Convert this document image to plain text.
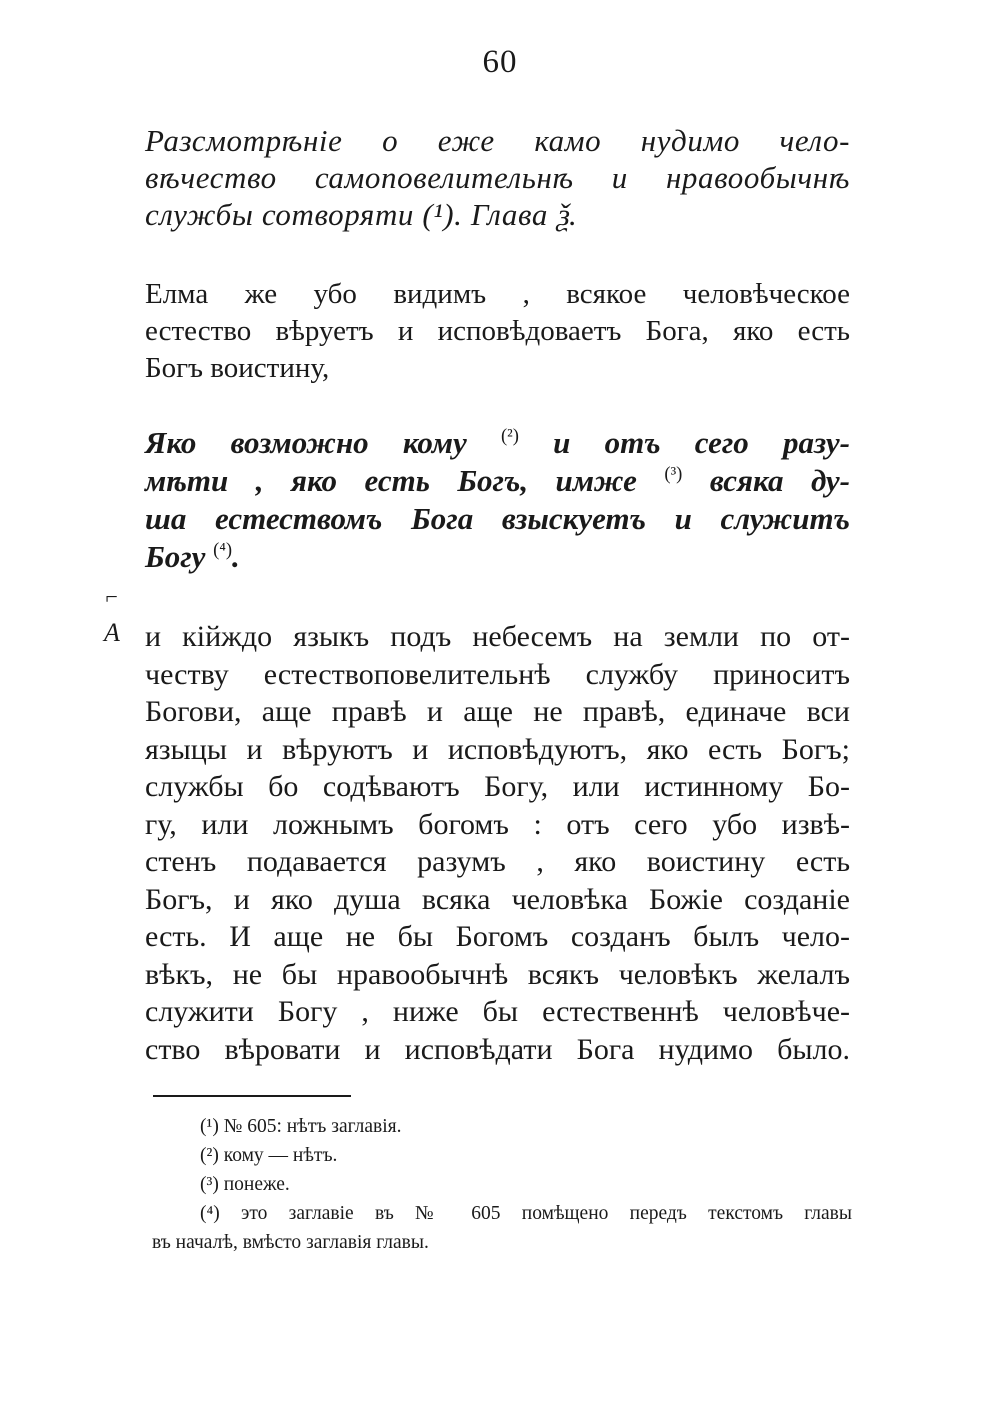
60
Разсмотрѣніе о еже камо нудимо чело-
вѣчество самоповелительнѣ и нравообычнѣ
службы сотворяти (¹). Глава ѯ.
Елма же убо видимъ , всякое человѣческое
естество вѣруетъ и исповѣдоваетъ Бога, яко есть
Богъ воистину,
Яко возможно кому $^{(^2)}$ и отъ сего разу-
мѣти , яко есть Богъ, имже $^{(^3)}$ всяка ду-
ша естествомъ Бога взыскуетъ и служитъ
Богу $^{(^4)}$.
⌐
А и кійждо языкъ подъ небесемъ на земли по от-
честву естествоповелительнѣ службу приноситъ
Богови, аще правѣ и аще не правѣ, единаче вси
языцы и вѣруютъ и исповѣдуютъ, яко есть Богъ;
службы бо содѣваютъ Богу, или истинному Бо-
гу, или ложнымъ богомъ : отъ сего убо извѣ-
стенъ подавается разумъ , яко воистину есть
Богъ, и яко душа всяка человѣка Божіе созданіе
есть. И аще не бы Богомъ созданъ былъ чело-
вѣкъ, не бы нравообычнѣ всякъ человѣкъ желалъ
служити Богу , ниже бы естественнѣ человѣче-
ство вѣровати и исповѣдати Бога нудимо было.
(¹) № 605: нѣтъ заглавія.
(²) кому — нѣтъ.
(³) понеже.
(⁴) это заглавіе въ № 605 помѣщено передъ текстомъ главы
въ началѣ, вмѣсто заглавія главы.
